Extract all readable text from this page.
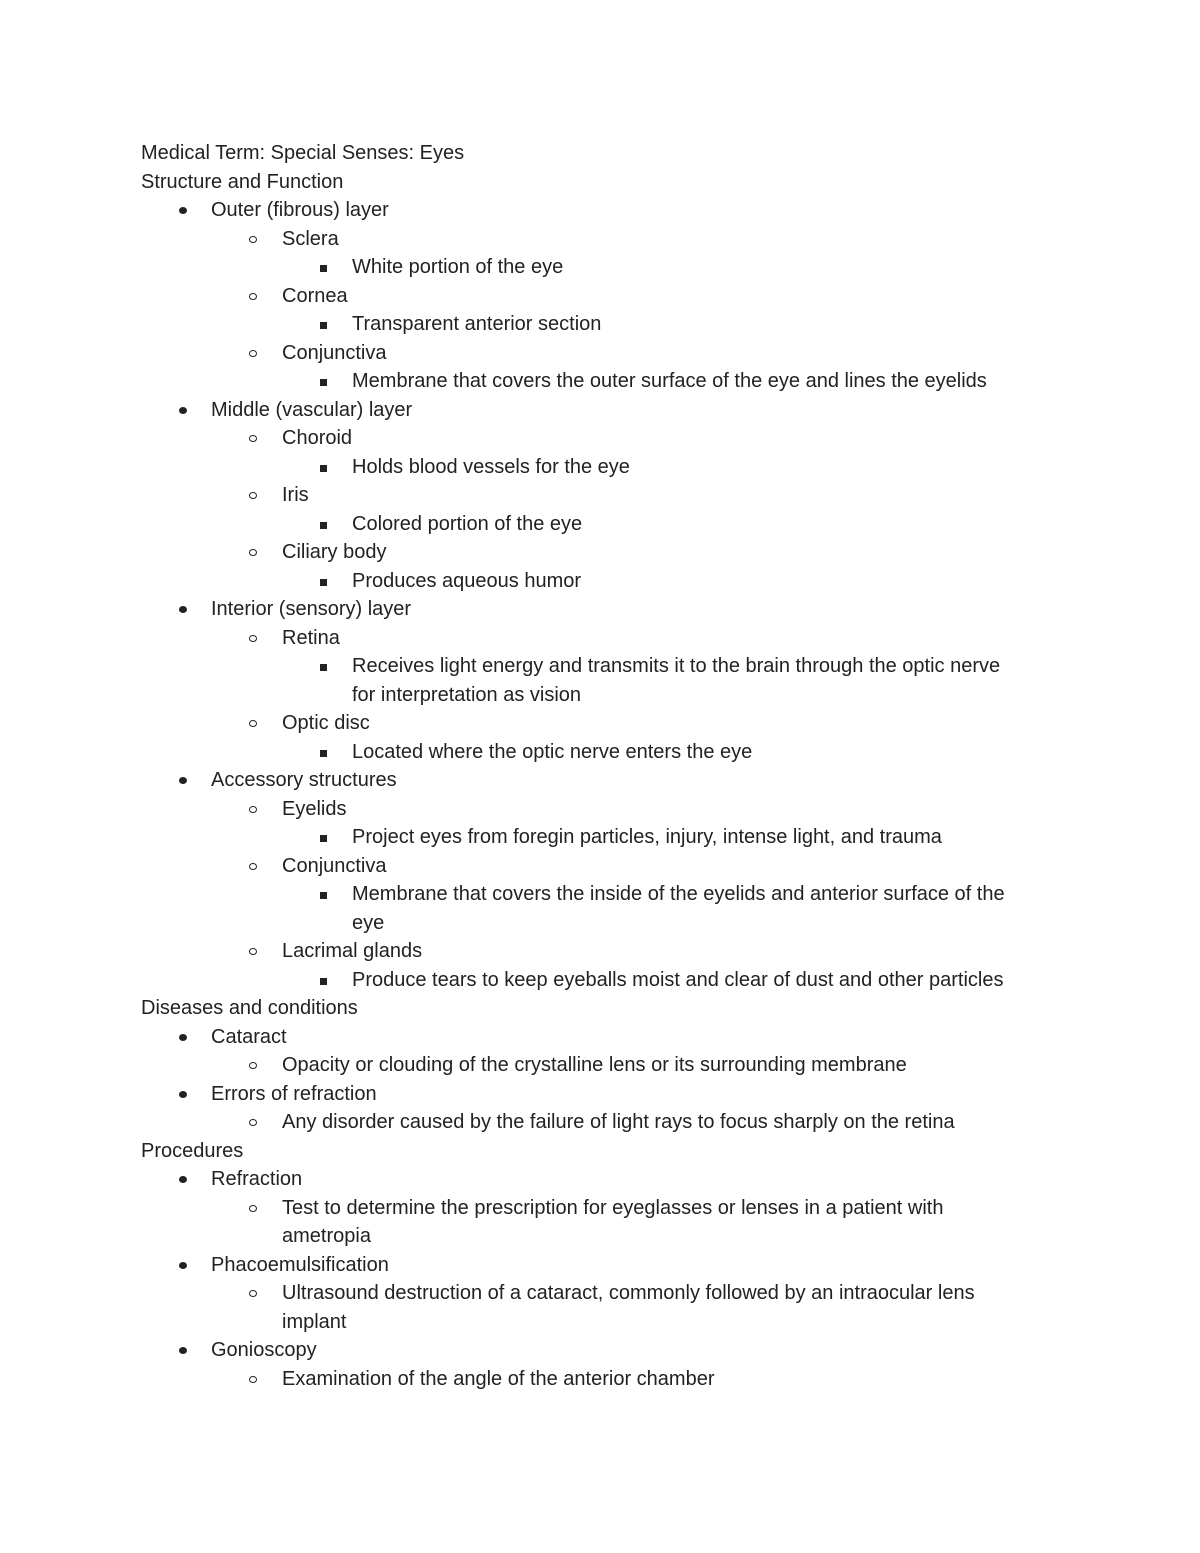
Medical Term: Special Senses: Eyes
Structure and Function
Outer (fibrous) layer
Sclera
White portion of the eye
Cornea
Transparent anterior section
Conjunctiva
Membrane that covers the outer surface of the eye and lines the eyelids
Middle (vascular) layer
Choroid
Holds blood vessels for the eye
Iris
Colored portion of the eye
Ciliary body
Produces aqueous humor
Interior (sensory) layer
Retina
Receives light energy and transmits it to the brain through the optic nerve
for interpretation as vision
Optic disc
Located where the optic nerve enters the eye
Accessory structures
Eyelids
Project eyes from foregin particles, injury, intense light, and trauma
Conjunctiva
Membrane that covers the inside of the eyelids and anterior surface of the
eye
Lacrimal glands
Produce tears to keep eyeballs moist and clear of dust and other particles
Diseases and conditions
Cataract
Opacity or clouding of the crystalline lens or its surrounding membrane
Errors of refraction
Any disorder caused by the failure of light rays to focus sharply on the retina
Procedures
Refraction
Test to determine the prescription for eyeglasses or lenses in a patient with
ametropia
Phacoemulsification
Ultrasound destruction of a cataract, commonly followed by an intraocular lens
implant
Gonioscopy
Examination of the angle of the anterior chamber
